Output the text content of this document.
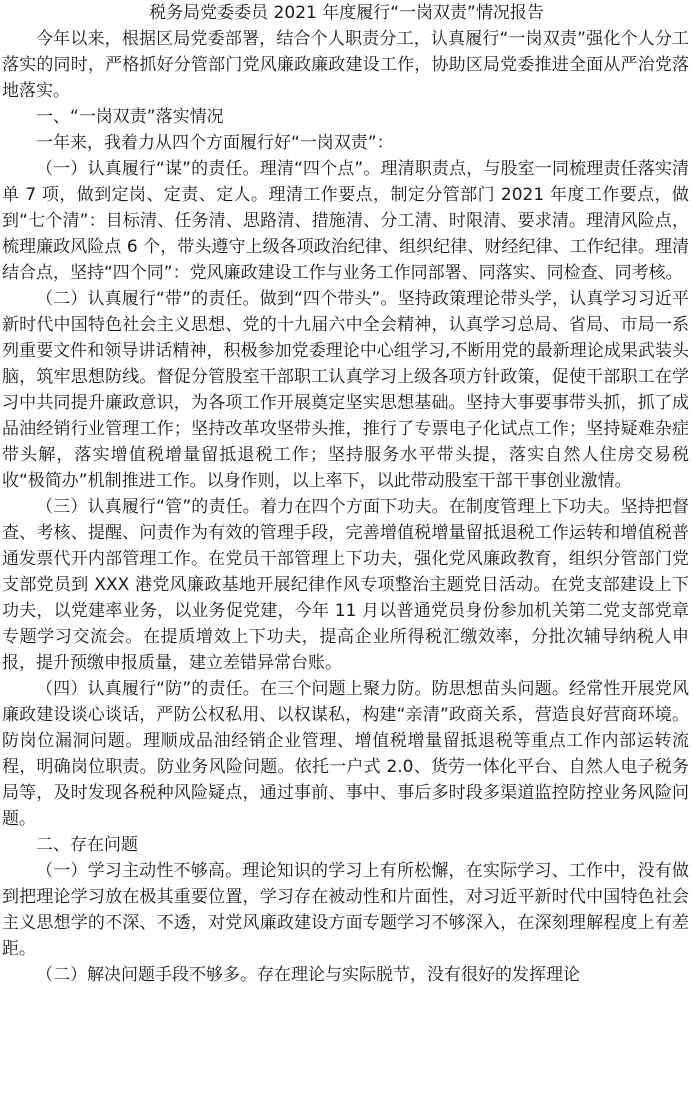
税务局党委委员 2021 年度履行“一岗双责”情况报告

今年以来，根据区局党委部署，结合个人职责分工，认真履行“一岗双责”强化个人分工落实的同时，严格抓好分管部门党风廉政廉政建设工作，协助区局党委推进全面从严治党落地落实。

一、“一岗双责”落实情况

一年来，我着力从四个方面履行好“一岗双责”：

（一）认真履行“谋”的责任。理清“四个点”。理清职责点，与股室一同梳理责任落实清单 7 项，做到定岗、定责、定人。理清工作要点，制定分管部门 2021 年度工作要点，做到“七个清”：目标清、任务清、思路清、措施清、分工清、时限清、要求清。理清风险点，梳理廉政风险点 6 个，带头遵守上级各项政治纪律、组织纪律、财经纪律、工作纪律。理清结合点，坚持“四个同”：党风廉政建设工作与业务工作同部署、同落实、同检查、同考核。

（二）认真履行“带”的责任。做到“四个带头”。坚持政策理论带头学，认真学习习近平新时代中国特色社会主义思想、党的十九届六中全会精神，认真学习总局、省局、市局一系列重要文件和领导讲话精神，积极参加党委理论中心组学习,不断用党的最新理论成果武装头脑，筑牢思想防线。督促分管股室干部职工认真学习上级各项方针政策，促使干部职工在学习中共同提升廉政意识，为各项工作开展奠定坚实思想基础。坚持大事要事带头抓，抓了成品油经销行业管理工作；坚持改革攻坚带头推，推行了专票电子化试点工作；坚持疑难杂症带头解，落实增值税增量留抵退税工作；坚持服务水平带头提，落实自然人住房交易税收“极简办”机制推进工作。以身作则，以上率下，以此带动股室干部干事创业激情。

（三）认真履行“管”的责任。着力在四个方面下功夫。在制度管理上下功夫。坚持把督查、考核、提醒、问责作为有效的管理手段，完善增值税增量留抵退税工作运转和增值税普通发票代开内部管理工作。在党员干部管理上下功夫，强化党风廉政教育，组织分管部门党支部党员到 XXX 港党风廉政基地开展纪律作风专项整治主题党日活动。在党支部建设上下功夫，以党建率业务，以业务促党建，今年 11 月以普通党员身份参加机关第二党支部党章专题学习交流会。在提质增效上下功夫，提高企业所得税汇缴效率，分批次辅导纳税人申报，提升预缴申报质量，建立差错异常台账。

（四）认真履行“防”的责任。在三个问题上聚力防。防思想苗头问题。经常性开展党风廉政建设谈心谈话，严防公权私用、以权谋私，构建“亲清”政商关系，营造良好营商环境。防岗位漏洞问题。理顺成品油经销企业管理、增值税增量留抵退税等重点工作内部运转流程，明确岗位职责。防业务风险问题。依托一户式 2.0、货劳一体化平台、自然人电子税务局等，及时发现各税种风险疑点，通过事前、事中、事后多时段多渠道监控防控业务风险问题。

二、存在问题

（一）学习主动性不够高。理论知识的学习上有所松懈，在实际学习、工作中，没有做到把理论学习放在极其重要位置，学习存在被动性和片面性，对习近平新时代中国特色社会主义思想学的不深、不透，对党风廉政建设方面专题学习不够深入，在深刻理解程度上有差距。

（二）解决问题手段不够多。存在理论与实际脱节，没有很好的发挥理论
